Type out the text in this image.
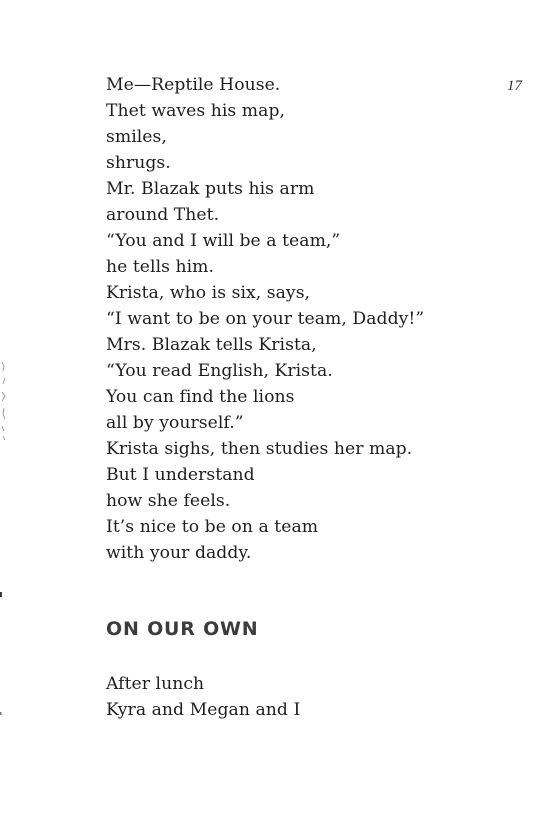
17
Me—Reptile House.
Thet waves his map,
smiles,
shrugs.
Mr. Blazak puts his arm
around Thet.
“You and I will be a team,”
he tells him.
Krista, who is six, says,
“I want to be on your team, Daddy!”
Mrs. Blazak tells Krista,
“You read English, Krista.
You can find the lions
all by yourself.”
Krista sighs, then studies her map.
But I understand
how she feels.
It’s nice to be on a team
with your daddy.
ON OUR OWN
After lunch
Kyra and Megan and I
